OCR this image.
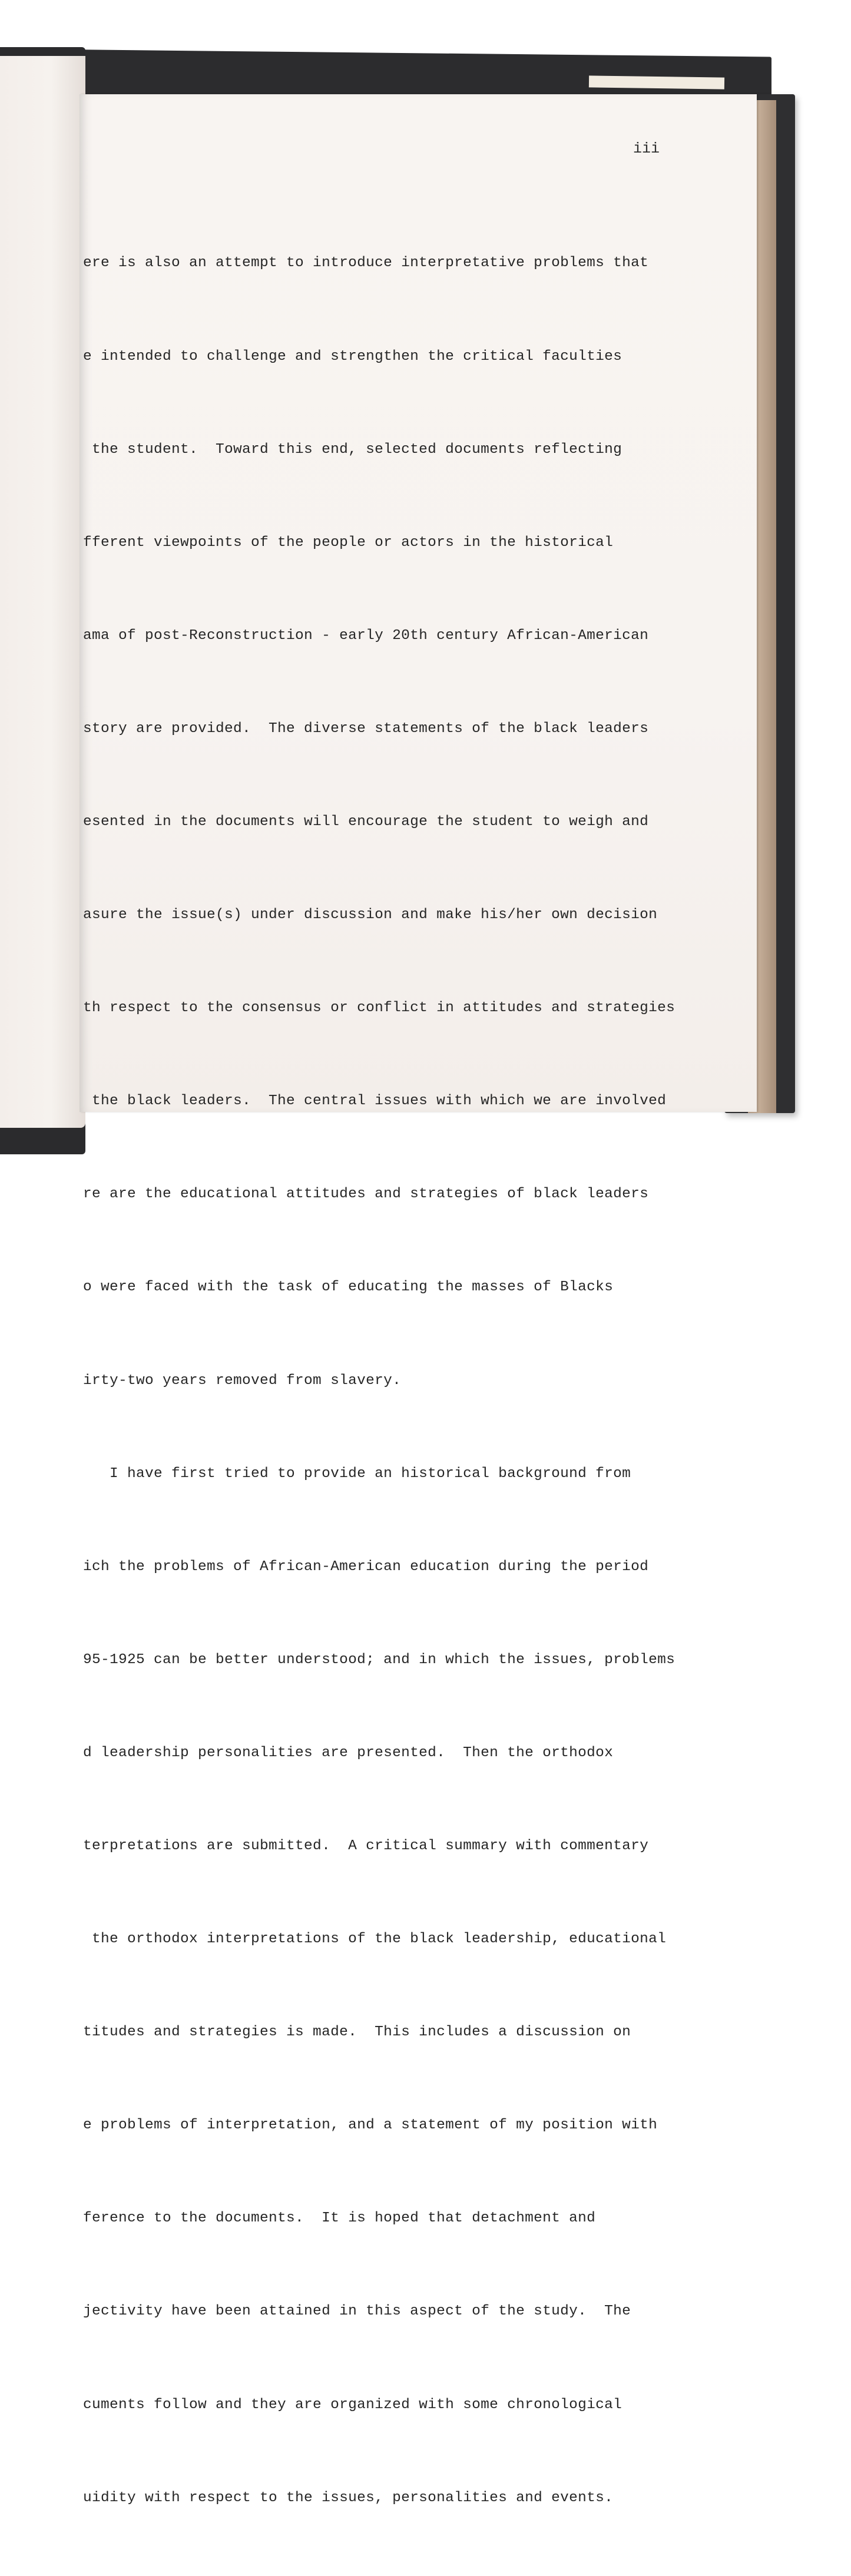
iii

ere is also an attempt to introduce interpretative problems that

e intended to challenge and strengthen the critical faculties

the student.  Toward this end, selected documents reflecting

fferent viewpoints of the people or actors in the historical

ama of post-Reconstruction - early 20th century African-American

story are provided.  The diverse statements of the black leaders

esented in the documents will encourage the student to weigh and

asure the issue(s) under discussion and make his/her own decision

th respect to the consensus or conflict in attitudes and strategies

the black leaders.  The central issues with which we are involved

re are the educational attitudes and strategies of black leaders

o were faced with the task of educating the masses of Blacks

irty-two years removed from slavery.

I have first tried to provide an historical background from

ich the problems of African-American education during the period

95-1925 can be better understood; and in which the issues, problems

d leadership personalities are presented.  Then the orthodox

terpretations are submitted.  A critical summary with commentary

the orthodox interpretations of the black leadership, educational

titudes and strategies is made.  This includes a discussion on

e problems of interpretation, and a statement of my position with

ference to the documents.  It is hoped that detachment and

jectivity have been attained in this aspect of the study.  The

cuments follow and they are organized with some chronological

uidity with respect to the issues, personalities and events.
